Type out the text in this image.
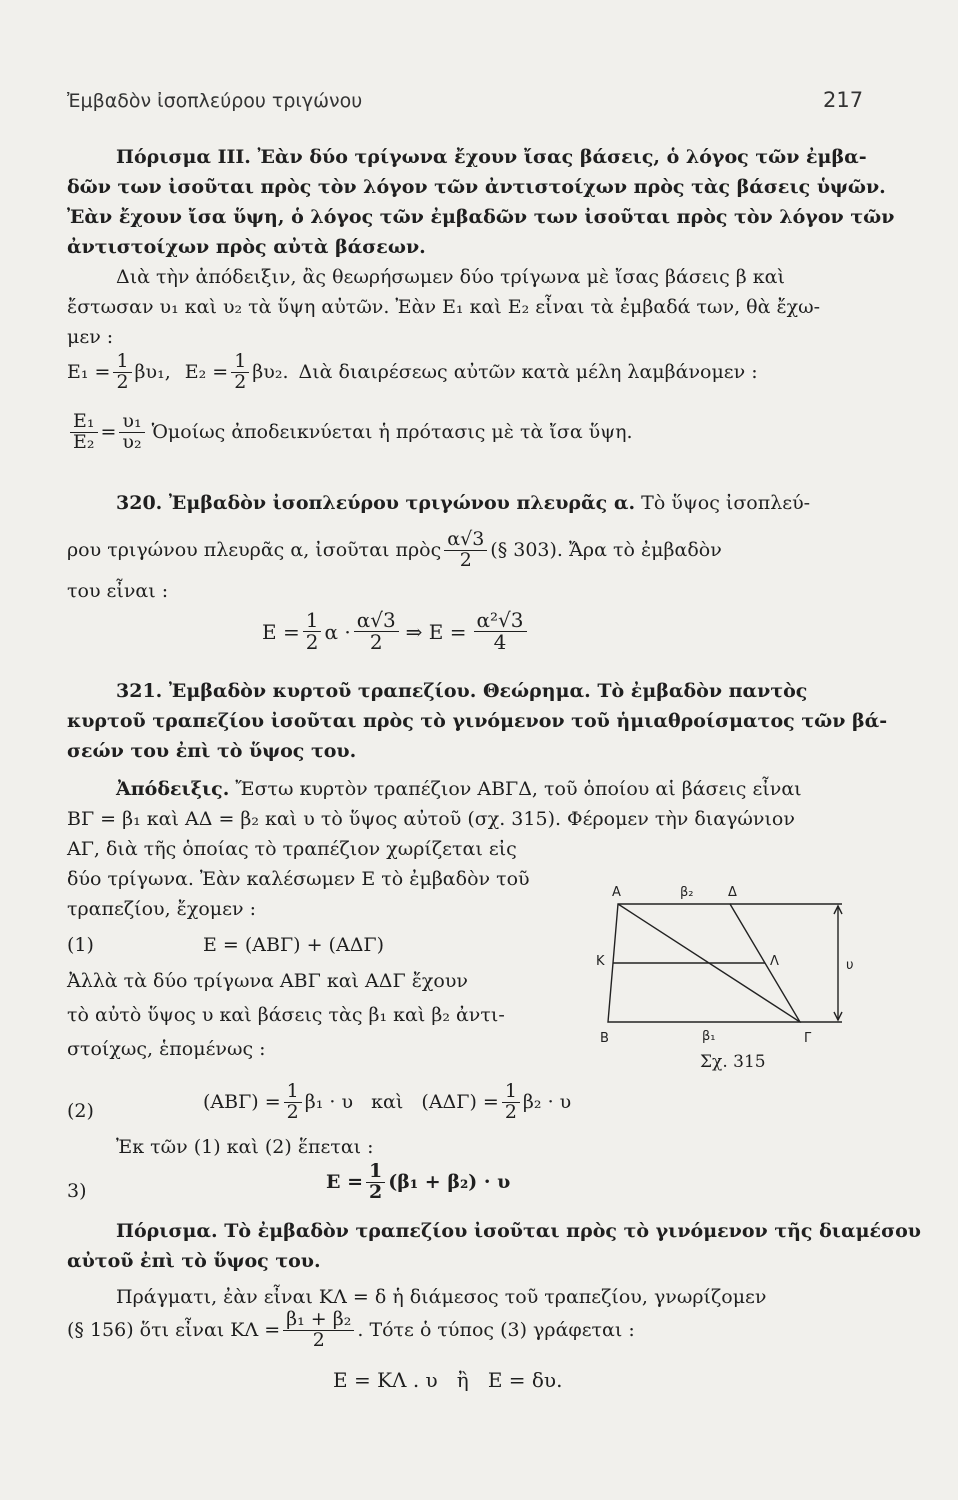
Ἐμβαδὸν ἰσοπλεύρου τριγώνου	217
Πόρισμα ΙΙΙ. Ἐὰν δύο τρίγωνα ἔχουν ἴσας βάσεις, ὁ λόγος τῶν ἐμβα-
δῶν των ἰσοῦται πρὸς τὸν λόγον τῶν ἀντιστοίχων πρὸς τὰς βάσεις ὑψῶν.
Ἐὰν ἔχουν ἴσα ὕψη, ὁ λόγος τῶν ἐμβαδῶν των ἰσοῦται πρὸς τὸν λόγον τῶν
ἀντιστοίχων πρὸς αὐτὰ βάσεων.
Διὰ τὴν ἀπόδειξιν, ἂς θεωρήσωμεν δύο τρίγωνα μὲ ἴσας βάσεις β καὶ
ἔστωσαν υ₁ καὶ υ₂ τὰ ὕψη αὐτῶν. Ἐὰν Ε₁ καὶ Ε₂ εἶναι τὰ ἐμβαδά των, θὰ ἔχω-
μεν :
$E_1 = \frac{1}{2} \beta\upsilon_1$, $E_2 = \frac{1}{2} \beta\upsilon_2$. Διὰ διαιρέσεως αὐτῶν κατὰ μέλη λαμβάνομεν :
$\frac{\text{Ε₁}}{\text{Ε₂}} = \frac{\text{υ₁}}{\text{υ₂}}$ Ὁμοίως ἀποδεικνύεται ἡ πρότασις μὲ τὰ ἴσα ὕψη.
320. Ἐμβαδὸν ἰσοπλεύρου τριγώνου πλευρᾶς α. Τὸ ὕψος ἰσοπλεύ-
ρου τριγώνου πλευρᾶς α, ἰσοῦται πρὸς $\frac{\alpha√3}{2}$ (§ 303). Ἄρα τὸ ἐμβαδὸν
του εἶναι :
$E = \frac{1}{2}$ $\alpha \cdot \frac{\alpha√3}{2}$ ⇒ $E = \frac{\text{α²√3}}{4}$
321. Ἐμβαδὸν κυρτοῦ τραπεζίου. Θεώρημα. Τὸ ἐμβαδὸν παντὸς
κυρτοῦ τραπεζίου ἰσοῦται πρὸς τὸ γινόμενον τοῦ ἡμιαθροίσματος τῶν βά-
σεών του ἐπὶ τὸ ὕψος του.
Ἀπόδειξις. Ἔστω κυρτὸν τραπέζιον ΑΒΓΔ, τοῦ ὁποίου αἱ βάσεις εἶναι
ΒΓ = β₁ καὶ ΑΔ = β₂ καὶ υ τὸ ὕψος αὐτοῦ (σχ. 315). Φέρομεν τὴν διαγώνιον
ΑΓ, διὰ τῆς ὁποίας τὸ τραπέζιον χωρίζεται εἰς
δύο τρίγωνα. Ἐὰν καλέσωμεν Ε τὸ ἐμβαδὸν τοῦ
τραπεζίου, ἔχομεν :
(1)	Ε = (ΑΒΓ) + (ΑΔΓ)
Ἀλλὰ τὰ δύο τρίγωνα ΑΒΓ καὶ ΑΔΓ ἔχουν
τὸ αὐτὸ ὕψος υ καὶ βάσεις τὰς β₁ καὶ β₂ ἀντι-
στοίχως, ἑπομένως :
Α	β₂	Δ
Κ	Λ	υ
Β	β₁	Γ
Σχ. 315
(2)	$(AB\Gamma) = \frac{1}{2} \beta_1 \cdot \upsilon$   καὶ   $(A\Delta\Gamma) = \frac{1}{2} \beta_2 \cdot \upsilon$
Ἐκ τῶν (1) καὶ (2) ἕπεται :
3)	$E = \frac{1}{2} (\beta_1 + \beta_2) \cdot \upsilon$
Πόρισμα. Τὸ ἐμβαδὸν τραπεζίου ἰσοῦται πρὸς τὸ γινόμενον τῆς διαμέσου
αὐτοῦ ἐπὶ τὸ ὕψος του.
Πράγματι, ἐὰν εἶναι ΚΛ = δ ἡ διάμεσος τοῦ τραπεζίου, γνωρίζομεν
(§ 156) ὅτι εἶναι $K\Lambda = \frac{\text{β₁ + β₂}}{2}$ . Τότε ὁ τύπος (3) γράφεται :
Ε = ΚΛ . υ   ἢ   Ε = δυ.
